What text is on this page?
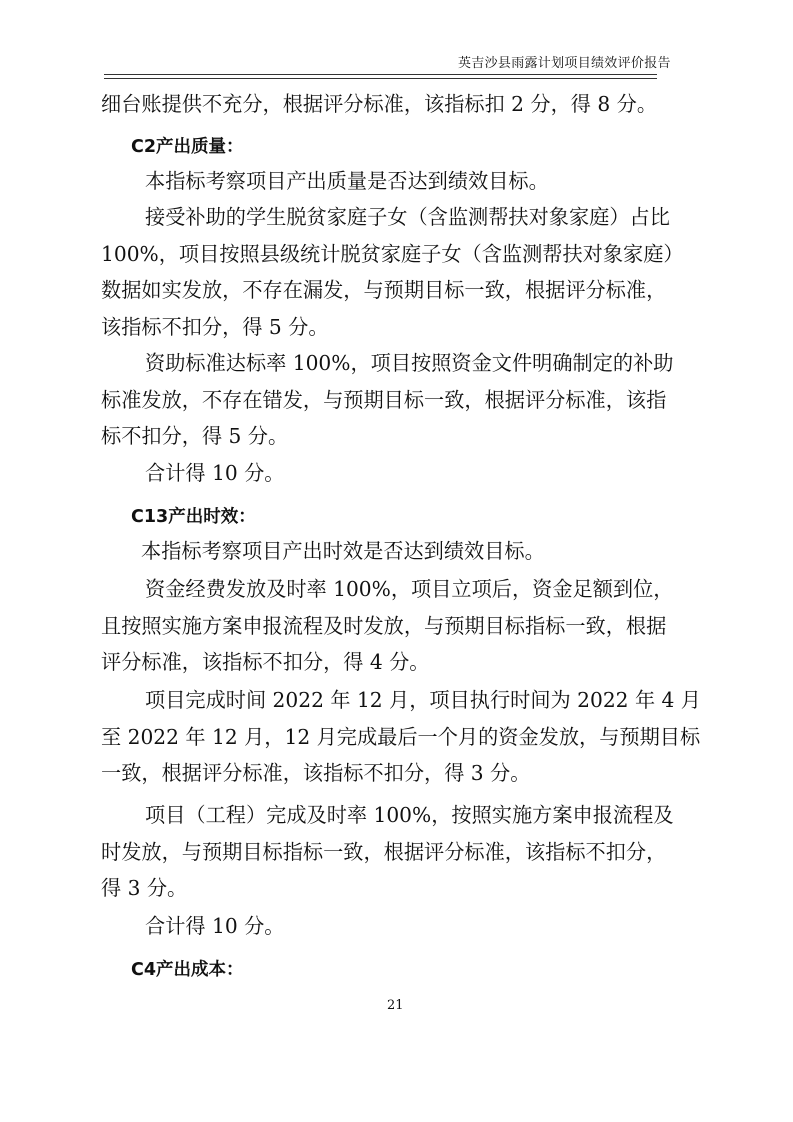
英吉沙县雨露计划项目绩效评价报告
细台账提供不充分，根据评分标准，该指标扣 2 分，得 8 分。
C2产出质量：
本指标考察项目产出质量是否达到绩效目标。
接受补助的学生脱贫家庭子女（含监测帮扶对象家庭）占比
100%，项目按照县级统计脱贫家庭子女（含监测帮扶对象家庭）
数据如实发放，不存在漏发，与预期目标一致，根据评分标准，
该指标不扣分，得 5 分。
资助标准达标率 100%，项目按照资金文件明确制定的补助
标准发放，不存在错发，与预期目标一致，根据评分标准，该指
标不扣分，得 5 分。
合计得 10 分。
C13产出时效：
本指标考察项目产出时效是否达到绩效目标。
资金经费发放及时率 100%，项目立项后，资金足额到位，
且按照实施方案申报流程及时发放，与预期目标指标一致，根据
评分标准，该指标不扣分，得 4 分。
项目完成时间 2022 年 12 月，项目执行时间为 2022 年 4 月
至 2022 年 12 月，12 月完成最后一个月的资金发放，与预期目标
一致，根据评分标准，该指标不扣分，得 3 分。
项目（工程）完成及时率 100%，按照实施方案申报流程及
时发放，与预期目标指标一致，根据评分标准，该指标不扣分，
得 3 分。
合计得 10 分。
C4产出成本：
21
